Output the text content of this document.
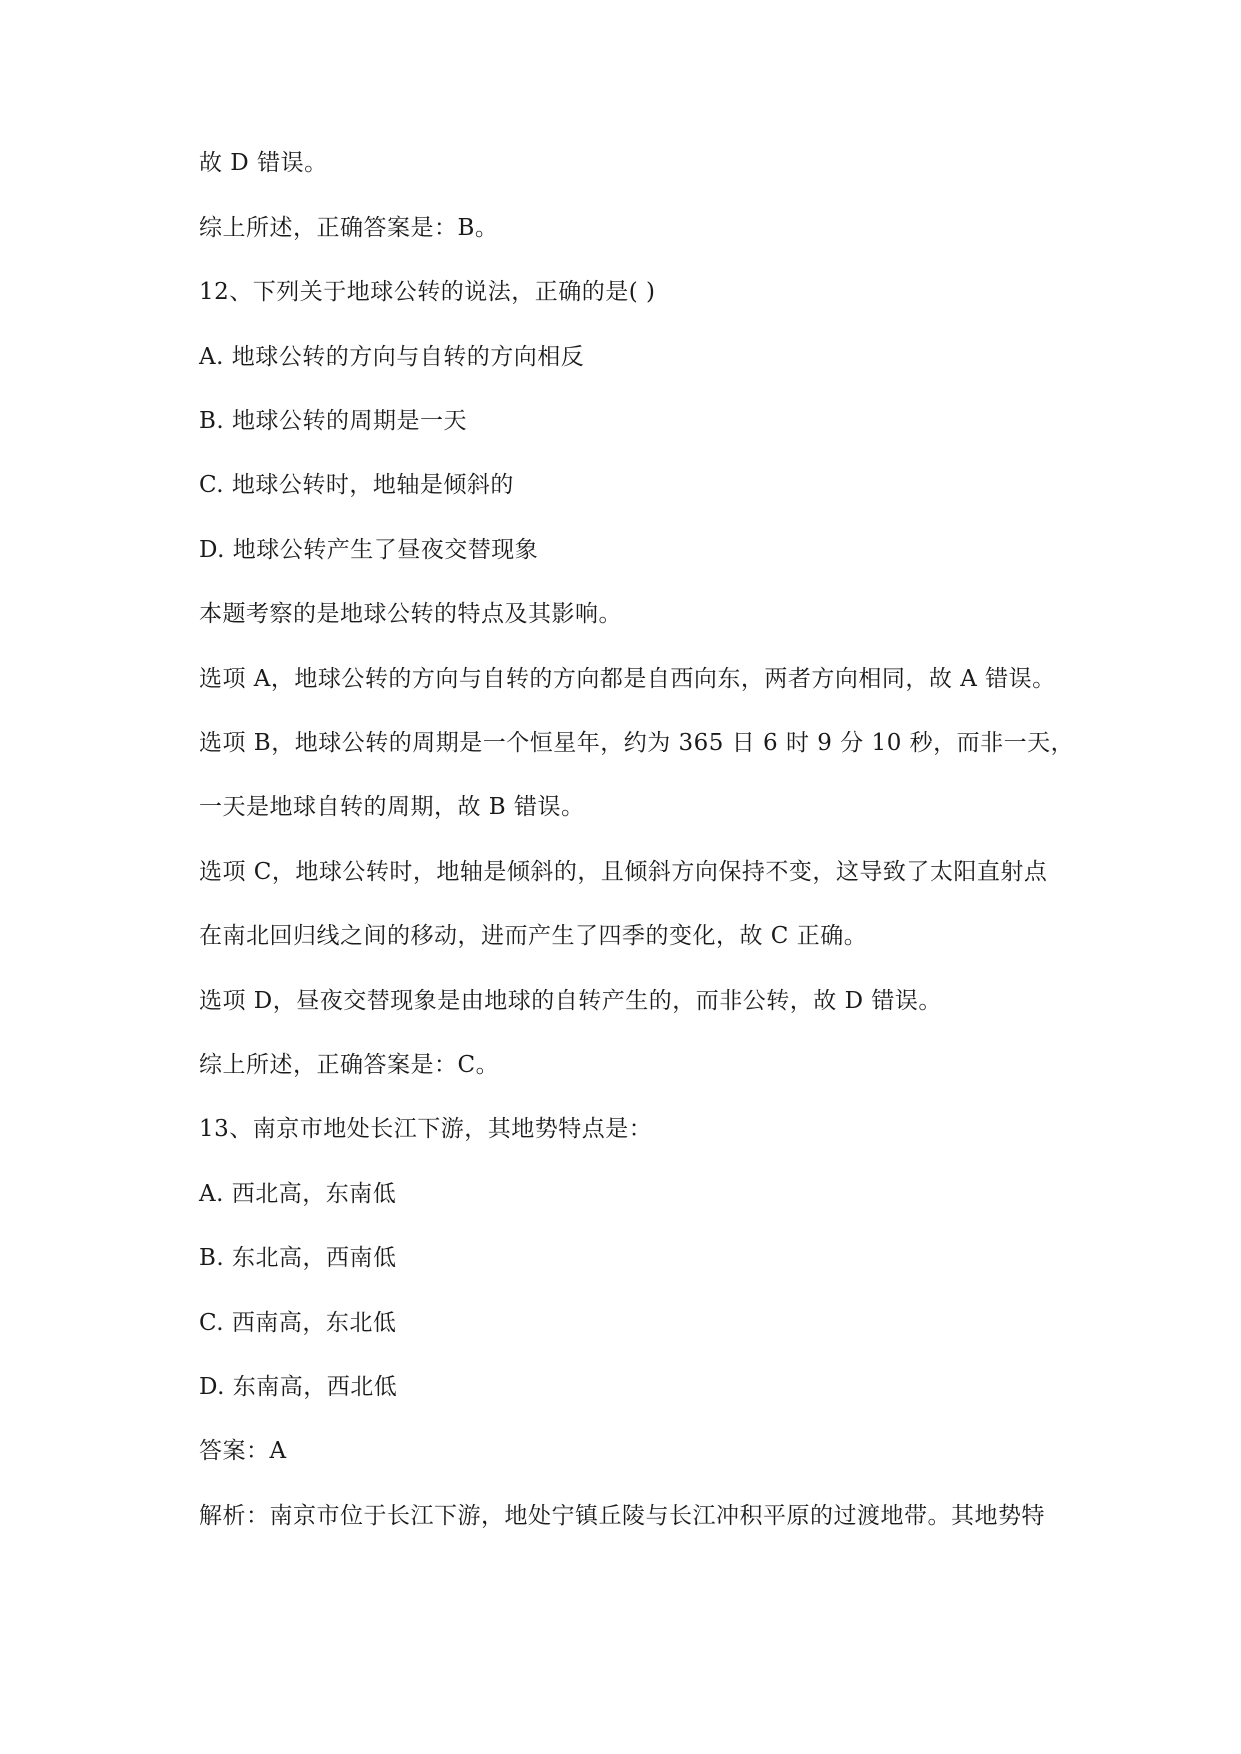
故 D 错误。
综上所述，正确答案是：B。
12、下列关于地球公转的说法，正确的是( )
A. 地球公转的方向与自转的方向相反
B. 地球公转的周期是一天
C. 地球公转时，地轴是倾斜的
D. 地球公转产生了昼夜交替现象
本题考察的是地球公转的特点及其影响。
选项 A，地球公转的方向与自转的方向都是自西向东，两者方向相同，故 A 错误。
选项 B，地球公转的周期是一个恒星年，约为 365 日 6 时 9 分 10 秒，而非一天，
一天是地球自转的周期，故 B 错误。
选项 C，地球公转时，地轴是倾斜的，且倾斜方向保持不变，这导致了太阳直射点
在南北回归线之间的移动，进而产生了四季的变化，故 C 正确。
选项 D，昼夜交替现象是由地球的自转产生的，而非公转，故 D 错误。
综上所述，正确答案是：C。
13、南京市地处长江下游，其地势特点是：
A. 西北高，东南低
B. 东北高，西南低
C. 西南高，东北低
D. 东南高，西北低
答案：A
解析：南京市位于长江下游，地处宁镇丘陵与长江冲积平原的过渡地带。其地势特
